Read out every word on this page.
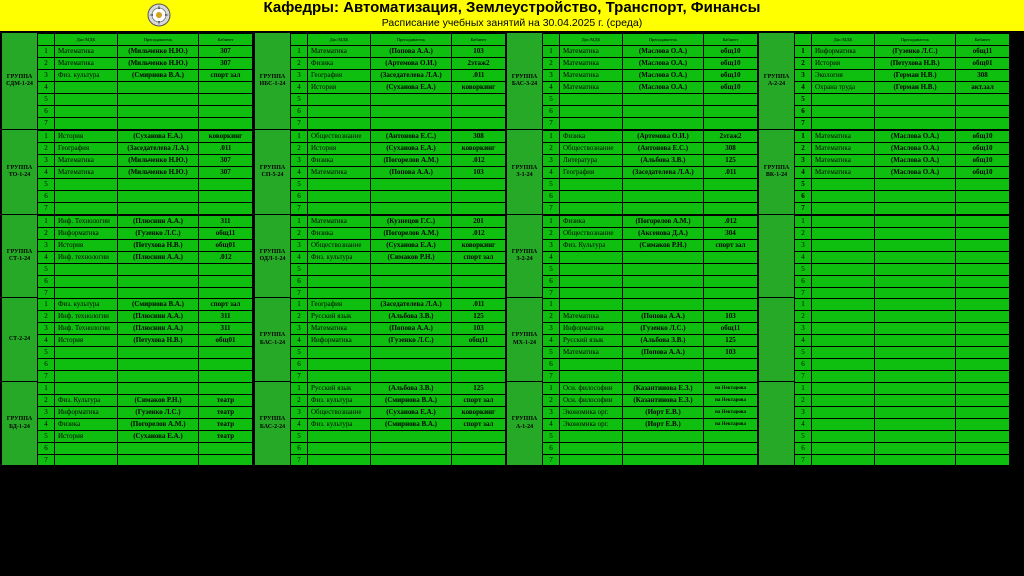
Кафедры: Автоматизация, Землеустройство, Транспорт, Финансы
Расписание учебных занятий на 30.04.2025 г. (среда)
ГРУППА СДМ-1-24
Дис/МДК	Преподаватель	Кабинет
1	Математика	(Мильченко Н.Ю.)	307
2	Математика	(Мильченко Н.Ю.)	307
3	Физ. культура	(Смирнова В.А.)	спорт зал
4
5
6
7
ГРУППА ТО-1-24
1	История	(Суханова Е.А.)	коворкинг
2	География	(Заседателева Л.А.)	.011
3	Математика	(Мильченко Н.Ю.)	307
4	Математика	(Мильченко Н.Ю.)	307
5
6
7
ГРУППА СТ-1-24
1	Инф. Технологии	(Плюснин А.А.)	311
2	Информатика	(Гузенко Л.С.)	общ11
3	История	(Петухова Н.В.)	общ01
4	Инф. технологии	(Плюснин А.А.)	.012
5
6
7
СТ-2-24
1	Физ. культура	(Смирнова В.А.)	спорт зал
2	Инф. технологии	(Плюснин А.А.)	311
3	Инф. Технологии	(Плюснин А.А.)	311
4	История	(Петухова Н.В.)	общ01
5
6
7
ГРУППА БД-1-24
1
2	Физ. Культура	(Симаков Р.Н.)	театр
3	Информатика	(Гузенко Л.С.)	театр
4	Физика	(Погорелов А.М.)	театр
5	История	(Суханова Е.А.)	театр
6
7
ГРУППА ИБС-1-24
Дис/МДК	Преподаватель	Кабинет
1	Математика	(Попова А.А.)	103
2	Физика	(Артемова О.И.)	2этаж2
3	География	(Заседателева Л.А.)	.011
4	История	(Суханова Е.А.)	коворкинг
5
6
7
ГРУППА СП-5-24
1	Обществознание	(Антонова Е.С.)	308
2	История	(Суханова Е.А.)	коворкинг
3	Физика	(Погорелов А.М.)	.012
4	Математика	(Попова А.А.)	103
5
6
7
ГРУППА ОДЛ-1-24
1	Математика	(Кузнецов Г.С.)	201
2	Физика	(Погорелов А.М.)	.012
3	Обществознание	(Суханова Е.А.)	коворкинг
4	Физ. культура	(Симаков Р.Н.)	спорт зал
5
6
7
ГРУППА БАС-1-24
1	География	(Заседателева Л.А.)	.011
2	Русский язык	(Альбова З.В.)	125
3	Математика	(Попова А.А.)	103
4	Информатика	(Гузенко Л.С.)	общ11
5
6
7
ГРУППА БАС-2-24
1	Русский язык	(Альбова З.В.)	125
2	Физ. культура	(Смирнова В.А.)	спорт зал
3	Обществознание	(Суханова Е.А.)	коворкинг
4	Физ. культура	(Смирнова В.А.)	спорт зал
5
6
7
ГРУППА БАС-3-24
Дис/МДК	Преподаватель	Кабинет
1	Математика	(Маслова О.А.)	общ10
2	Математика	(Маслова О.А.)	общ10
3	Математика	(Маслова О.А.)	общ10
4	Математика	(Маслова О.А.)	общ10
5
6
7
ГРУППА З-1-24
1	Физика	(Артемова О.И.)	2этаж2
2	Обществознание	(Антонова Е.С.)	308
3	Литература	(Альбова З.В.)	125
4	География	(Заседателева Л.А.)	.011
5
6
7
ГРУППА З-2-24
1	Физика	(Погорелов А.М.)	.012
2	Обществознание	(Аксенова Д.А.)	304
3	Физ. Культура	(Симаков Р.Н.)	спорт зал
4
5
6
7
ГРУППА МХ-1-24
1
2	Математика	(Попова А.А.)	103
3	Информатика	(Гузенко Л.С.)	общ11
4	Русский язык	(Альбова З.В.)	125
5	Математика	(Попова А.А.)	103
6
7
ГРУППА А-1-24
1	Осн. философии	(Казантинова Е.З.)	на Нектарова
2	Осн. философии	(Казантинова Е.З.)	на Нектарова
3	Экономика орг.	(Иорт Е.В.)	на Нектарова
4	Экономика орг.	(Иорт Е.В.)	на Нектарова
5
6
7
ГРУППА А-2-24
Дис/МДК	Преподаватель	Кабинет
1	Информатика	(Гузенко Л.С.)	общ11
2	История	(Петухова Н.В.)	общ01
3	Экология	(Герман Н.В.)	308
4	Охрана труда	(Герман Н.В.)	акт.зал
5
6
7
ГРУППА ВК-1-24
1	Математика	(Маслова О.А.)	общ10
2	Математика	(Маслова О.А.)	общ10
3	Математика	(Маслова О.А.)	общ10
4	Математика	(Маслова О.А.)	общ10
5
6
7
1
2
3
4
5
6
7
1
2
3
4
5
6
7
1
2
3
4
5
6
7
